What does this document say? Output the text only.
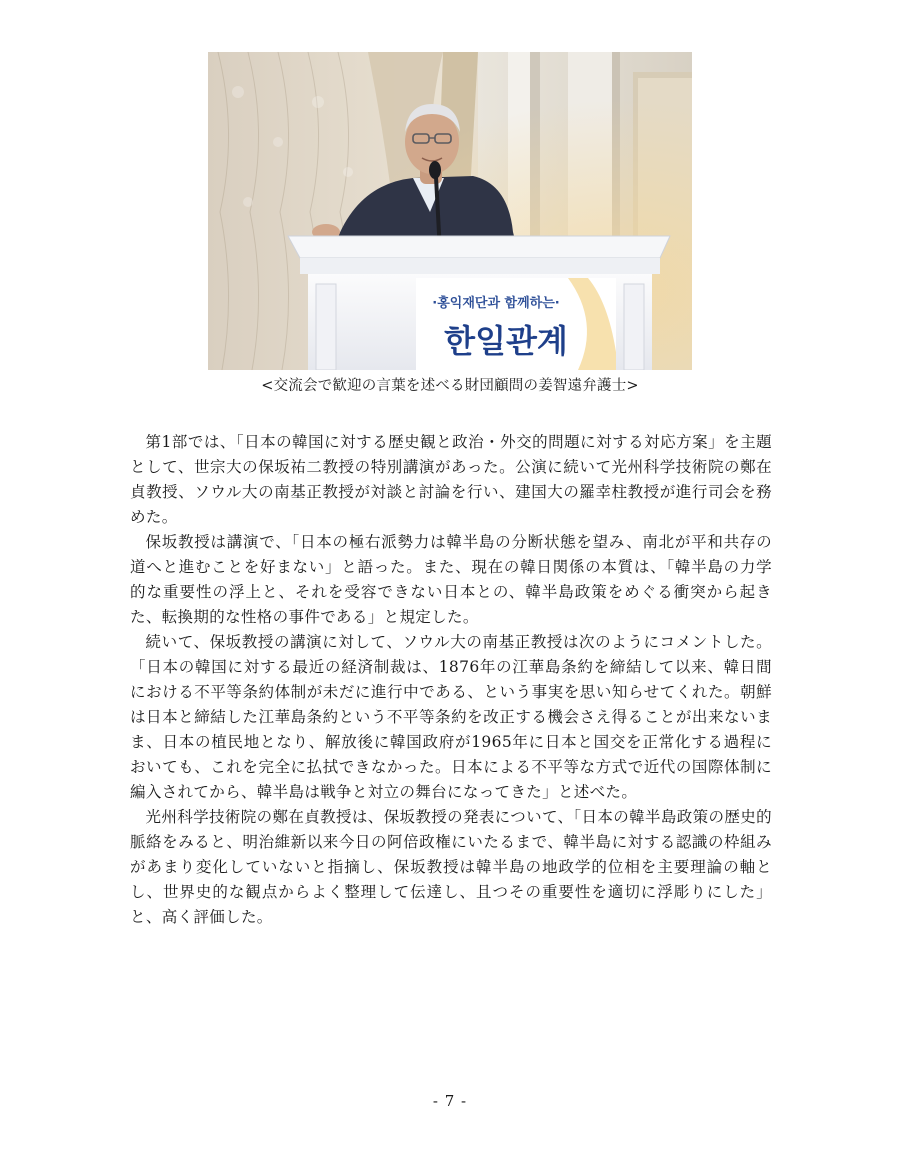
·홍익재단과 함께하는·
한일관계
<交流会で歓迎の言葉を述べる財団顧問の姜智遠弁護士>

第1部では、「日本の韓国に対する歴史観と政治・外交的問題に対する対応方案」を主題として、世宗大の保坂祐二教授の特別講演があった。公演に続いて光州科学技術院の鄭在貞教授、ソウル大の南基正教授が対談と討論を行い、建国大の羅幸柱教授が進行司会を務めた。

保坂教授は講演で、「日本の極右派勢力は韓半島の分断状態を望み、南北が平和共存の道へと進むことを好まない」と語った。また、現在の韓日関係の本質は、「韓半島の力学的な重要性の浮上と、それを受容できない日本との、韓半島政策をめぐる衝突から起きた、転換期的な性格の事件である」と規定した。

続いて、保坂教授の講演に対して、ソウル大の南基正教授は次のようにコメントした。「日本の韓国に対する最近の経済制裁は、1876年の江華島条約を締結して以来、韓日間における不平等条約体制が未だに進行中である、という事実を思い知らせてくれた。朝鮮は日本と締結した江華島条約という不平等条約を改正する機会さえ得ることが出来ないまま、日本の植民地となり、解放後に韓国政府が1965年に日本と国交を正常化する過程においても、これを完全に払拭できなかった。日本による不平等な方式で近代の国際体制に編入されてから、韓半島は戦争と対立の舞台になってきた」と述べた。

光州科学技術院の鄭在貞教授は、保坂教授の発表について、「日本の韓半島政策の歴史的脈絡をみると、明治維新以来今日の阿倍政権にいたるまで、韓半島に対する認識の枠組みがあまり変化していないと指摘し、保坂教授は韓半島の地政学的位相を主要理論の軸とし、世界史的な観点からよく整理して伝達し、且つその重要性を適切に浮彫りにした」と、高く評価した。

- 7 -
